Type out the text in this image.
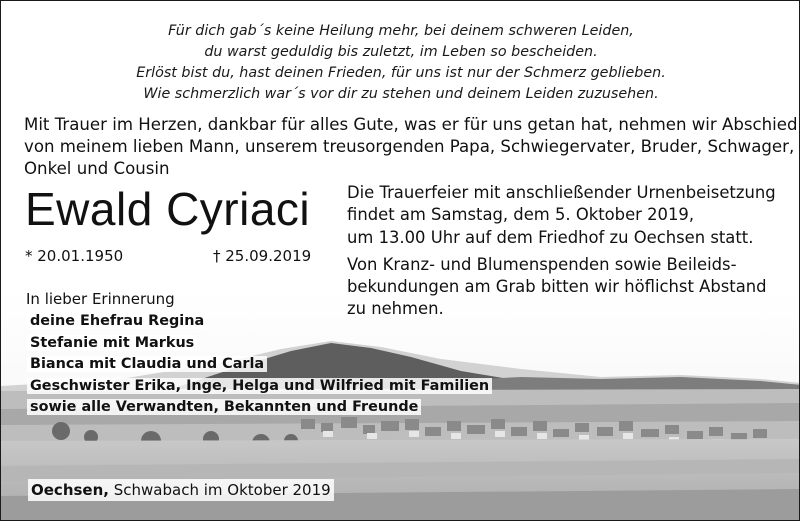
Für dich gab´s keine Heilung mehr, bei deinem schweren Leiden,
du warst geduldig bis zuletzt, im Leben so bescheiden.
Erlöst bist du, hast deinen Frieden, für uns ist nur der Schmerz geblieben.
Wie schmerzlich war´s vor dir zu stehen und deinem Leiden zuzusehen.
Mit Trauer im Herzen, dankbar für alles Gute, was er für uns getan hat, nehmen wir Abschied
von meinem lieben Mann, unserem treusorgenden Papa, Schwiegervater, Bruder, Schwager,
Onkel und Cousin
Ewald Cyriaci
* 20.01.1950	† 25.09.2019
Die Trauerfeier mit anschließender Urnenbeisetzung
findet am Samstag, dem 5. Oktober 2019,
um 13.00 Uhr auf dem Friedhof zu Oechsen statt.
Von Kranz- und Blumenspenden sowie Beileids-
bekundungen am Grab bitten wir höflichst Abstand
zu nehmen.
In lieber Erinnerung
deine Ehefrau Regina
Stefanie mit Markus
Bianca mit Claudia und Carla
Geschwister Erika, Inge, Helga und Wilfried mit Familien
sowie alle Verwandten, Bekannten und Freunde
Oechsen, Schwabach im Oktober 2019
